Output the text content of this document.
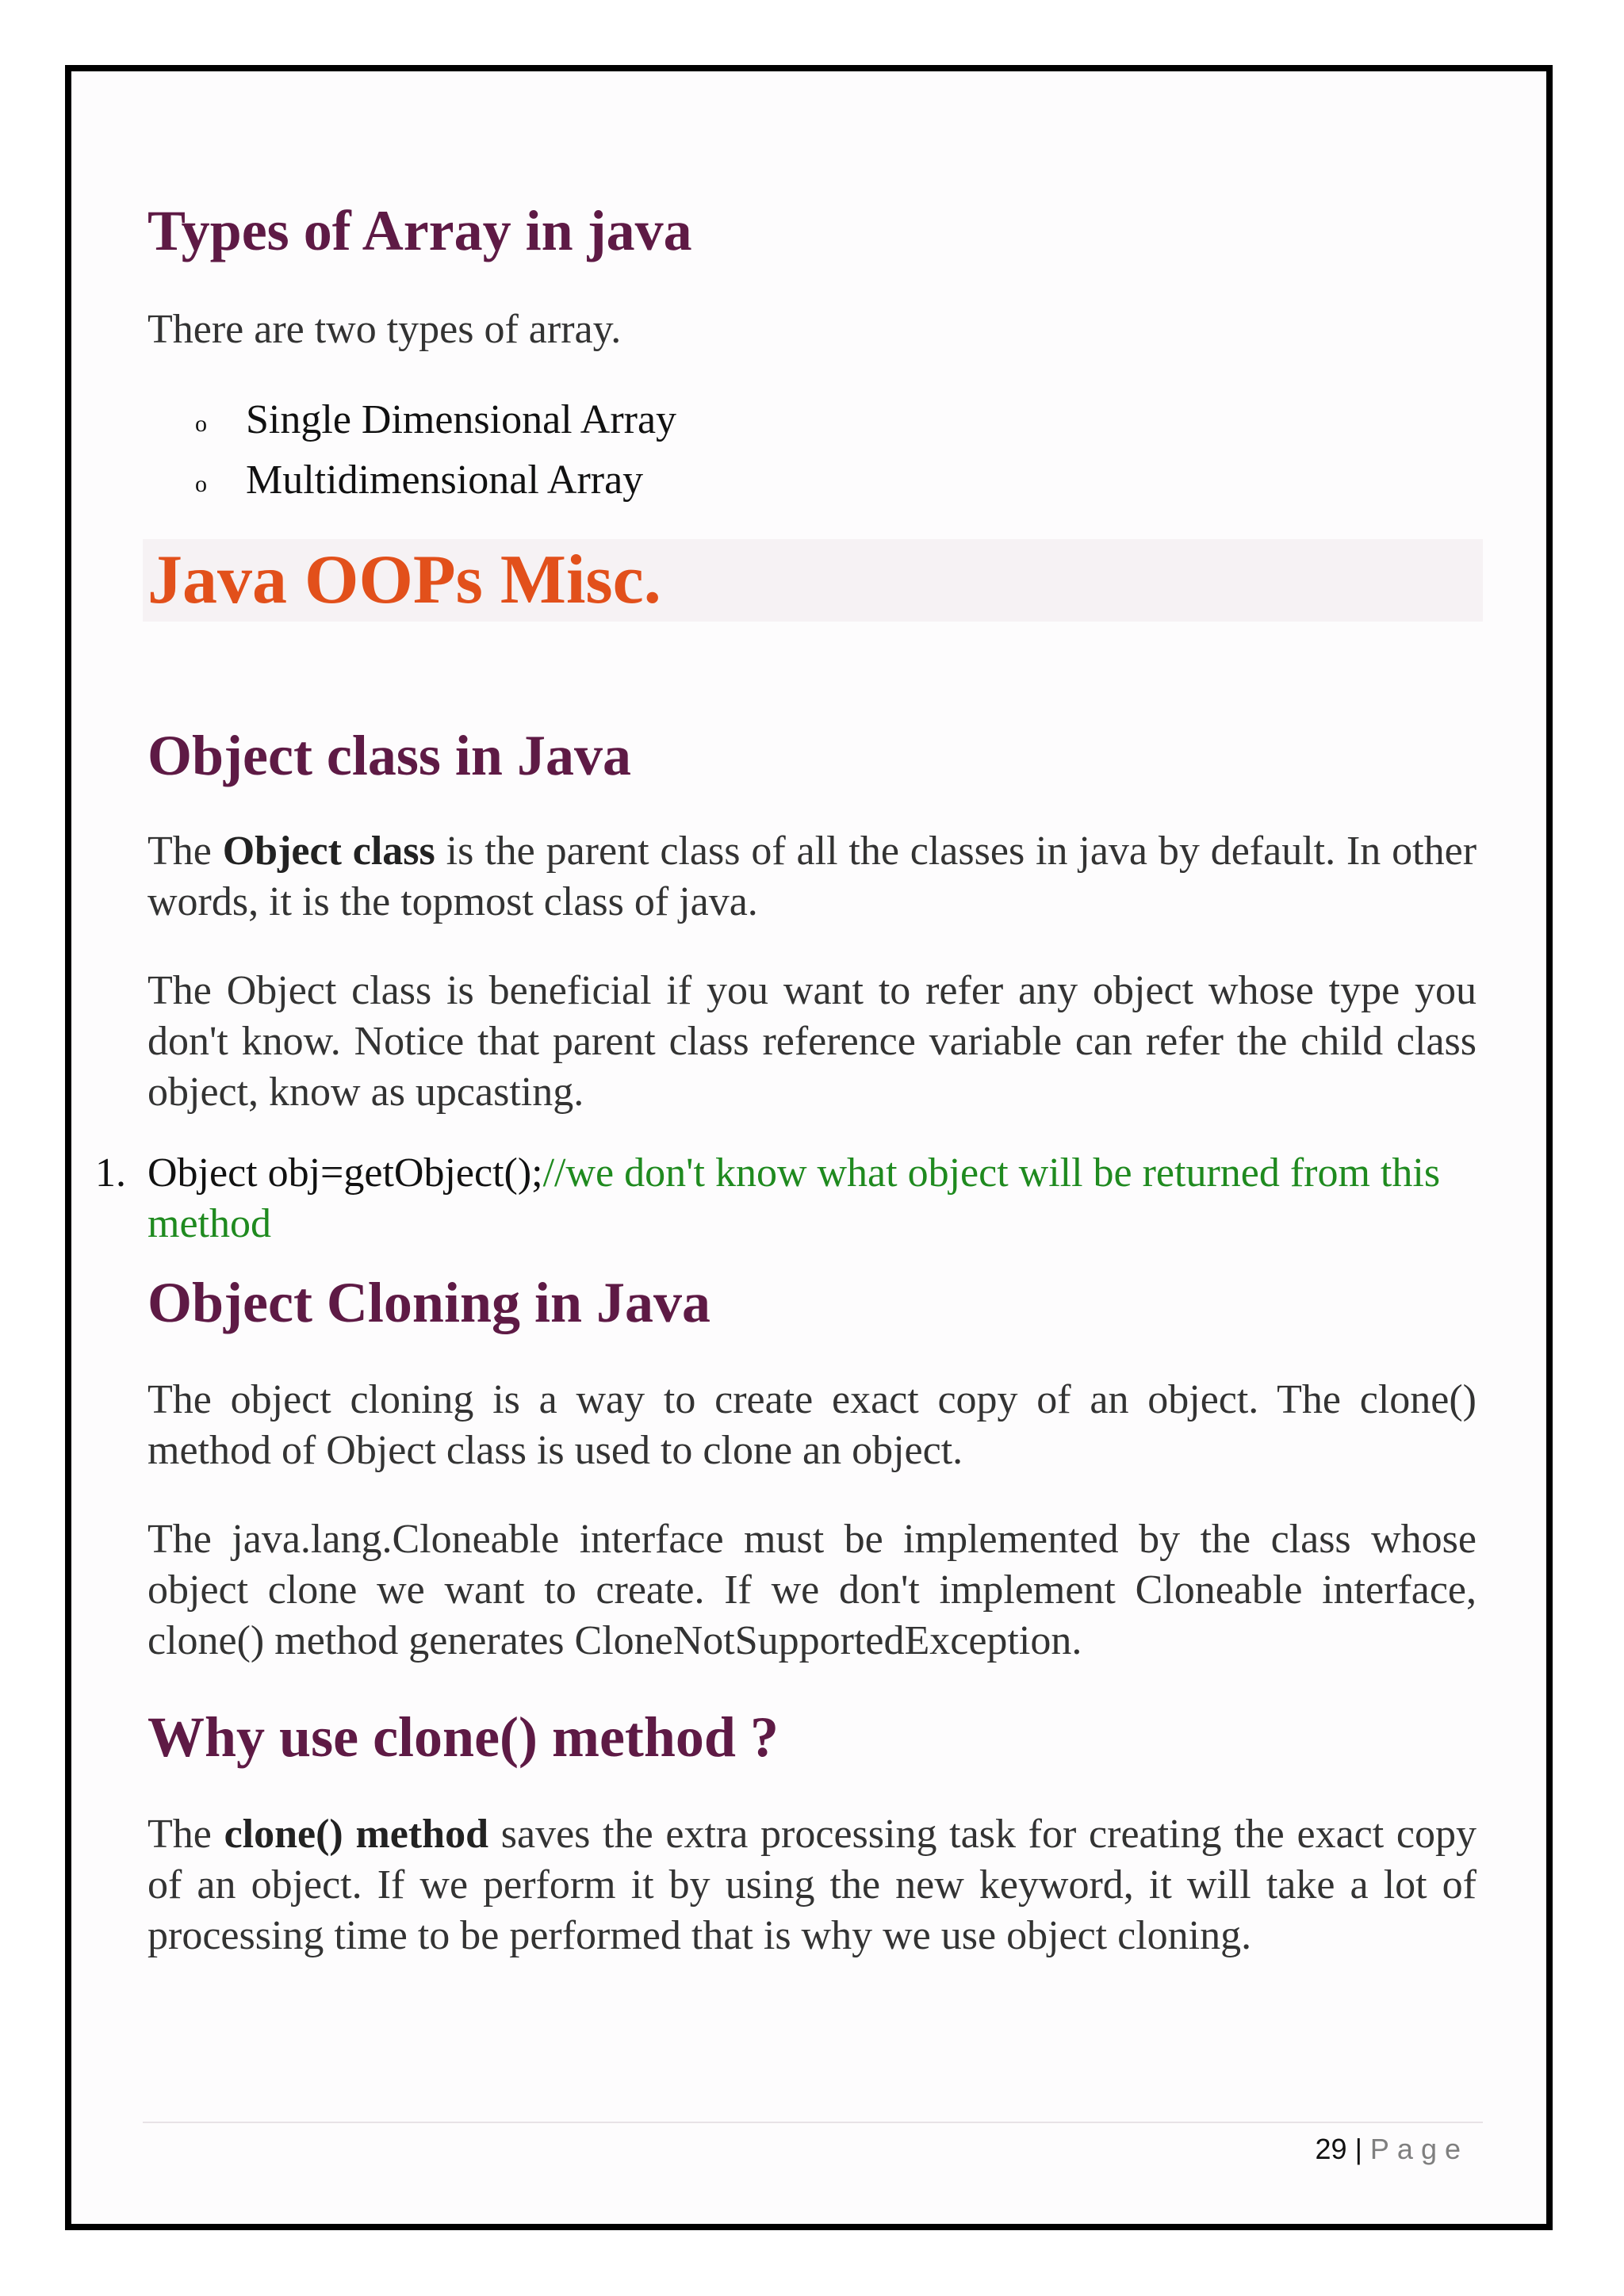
Types of Array in java

There are two types of array.

o Single Dimensional Array
o Multidimensional Array
Java OOPs Misc.
Object class in Java

The Object class is the parent class of all the classes in java by default. In other words, it is the topmost class of java.

The Object class is beneficial if you want to refer any object whose type you don't know. Notice that parent class reference variable can refer the child class object, know as upcasting.

1. Object obj=getObject();//we don't know what object will be returned from this method
Object Cloning in Java

The object cloning is a way to create exact copy of an object. The clone() method of Object class is used to clone an object.

The java.lang.Cloneable interface must be implemented by the class whose object clone we want to create. If we don't implement Cloneable interface, clone() method generates CloneNotSupportedException.

Why use clone() method ?

The clone() method saves the extra processing task for creating the exact copy of an object. If we perform it by using the new keyword, it will take a lot of processing time to be performed that is why we use object cloning.

29 | Page
